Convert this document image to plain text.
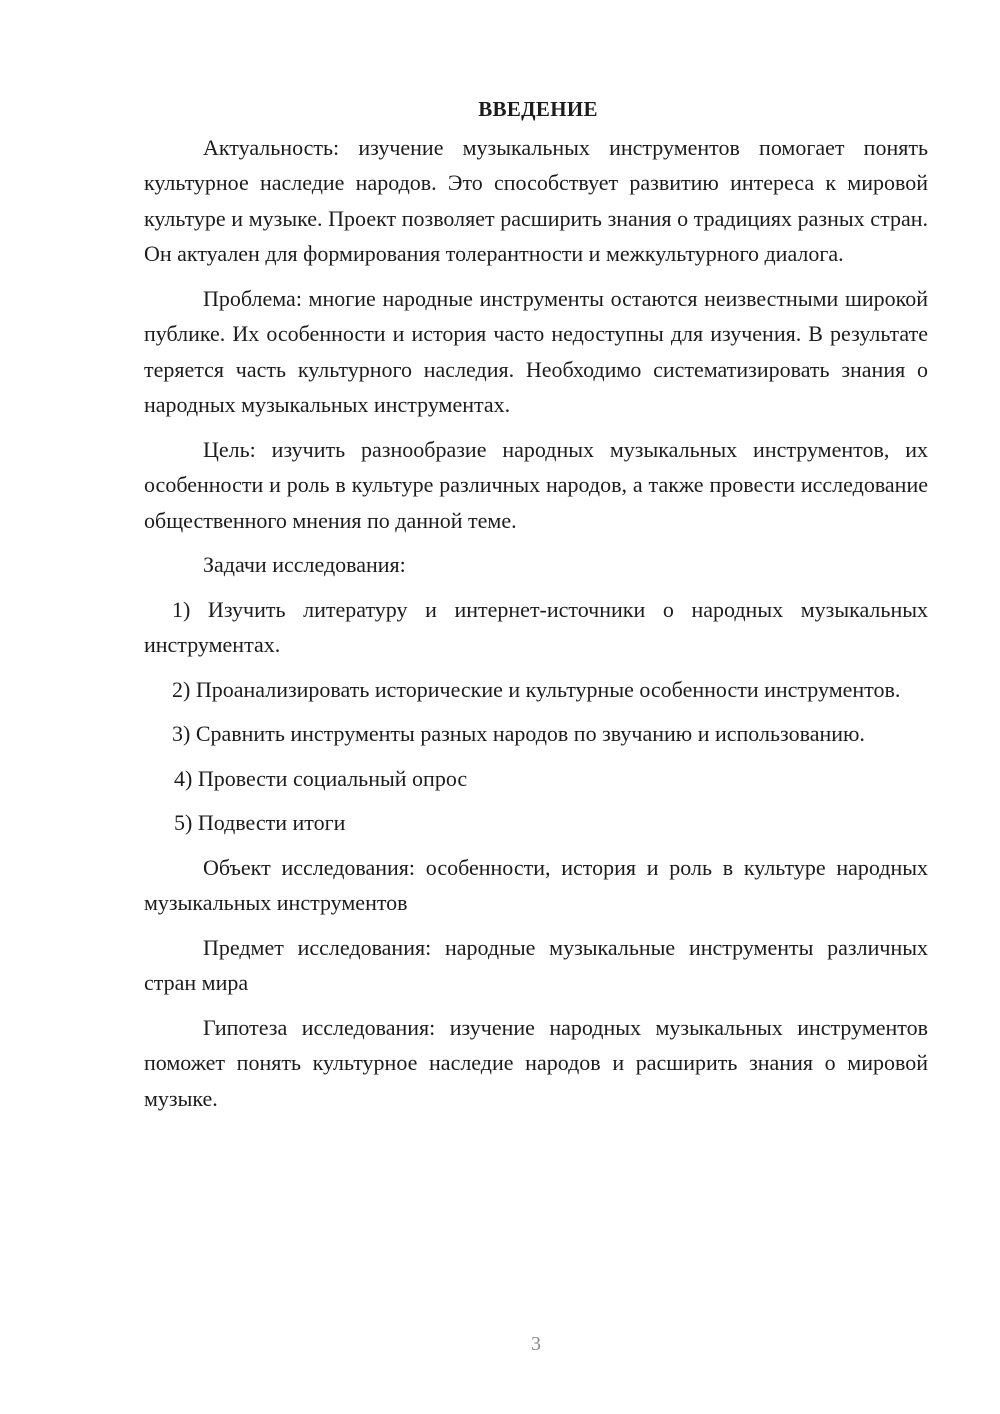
ВВЕДЕНИЕ

Актуальность: изучение музыкальных инструментов помогает понять культурное наследие народов. Это способствует развитию интереса к мировой культуре и музыке. Проект позволяет расширить знания о традициях разных стран. Он актуален для формирования толерантности и межкультурного диалога.

Проблема: многие народные инструменты остаются неизвестными широкой публике. Их особенности и история часто недоступны для изучения. В результате теряется часть культурного наследия. Необходимо систематизировать знания о народных музыкальных инструментах.

Цель: изучить разнообразие народных музыкальных инструментов, их особенности и роль в культуре различных народов, а также провести исследование общественного мнения по данной теме.

Задачи исследования:

1) Изучить литературу и интернет-источники о народных музыкальных инструментах.

2) Проанализировать исторические и культурные особенности инструментов.

3) Сравнить инструменты разных народов по звучанию и использованию.

4) Провести социальный опрос

5) Подвести итоги

Объект исследования: особенности, история и роль в культуре народных музыкальных инструментов

Предмет исследования: народные музыкальные инструменты различных стран мира

Гипотеза исследования: изучение народных музыкальных инструментов поможет понять культурное наследие народов и расширить знания о мировой музыке.

3
